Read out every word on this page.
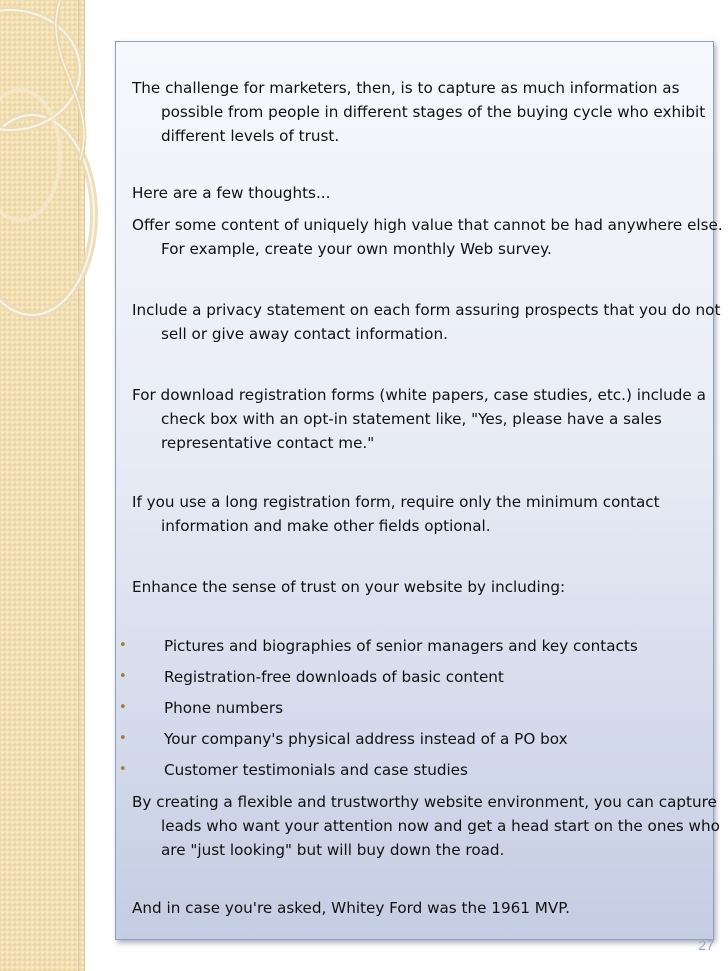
The challenge for marketers, then, is to capture as much information as possible from people in different stages of the buying cycle who exhibit different levels of trust.

Here are a few thoughts...

Offer some content of uniquely high value that cannot be had anywhere else. For example, create your own monthly Web survey.

Include a privacy statement on each form assuring prospects that you do not sell or give away contact information.

For download registration forms (white papers, case studies, etc.) include a check box with an opt-in statement like, "Yes, please have a sales representative contact me."

If you use a long registration form, require only the minimum contact information and make other fields optional.

Enhance the sense of trust on your website by including:

•	Pictures and biographies of senior managers and key contacts
•	Registration-free downloads of basic content
•	Phone numbers
•	Your company's physical address instead of a PO box
•	Customer testimonials and case studies

By creating a flexible and trustworthy website environment, you can capture leads who want your attention now and get a head start on the ones who are "just looking" but will buy down the road.

And in case you're asked, Whitey Ford was the 1961 MVP.

27
